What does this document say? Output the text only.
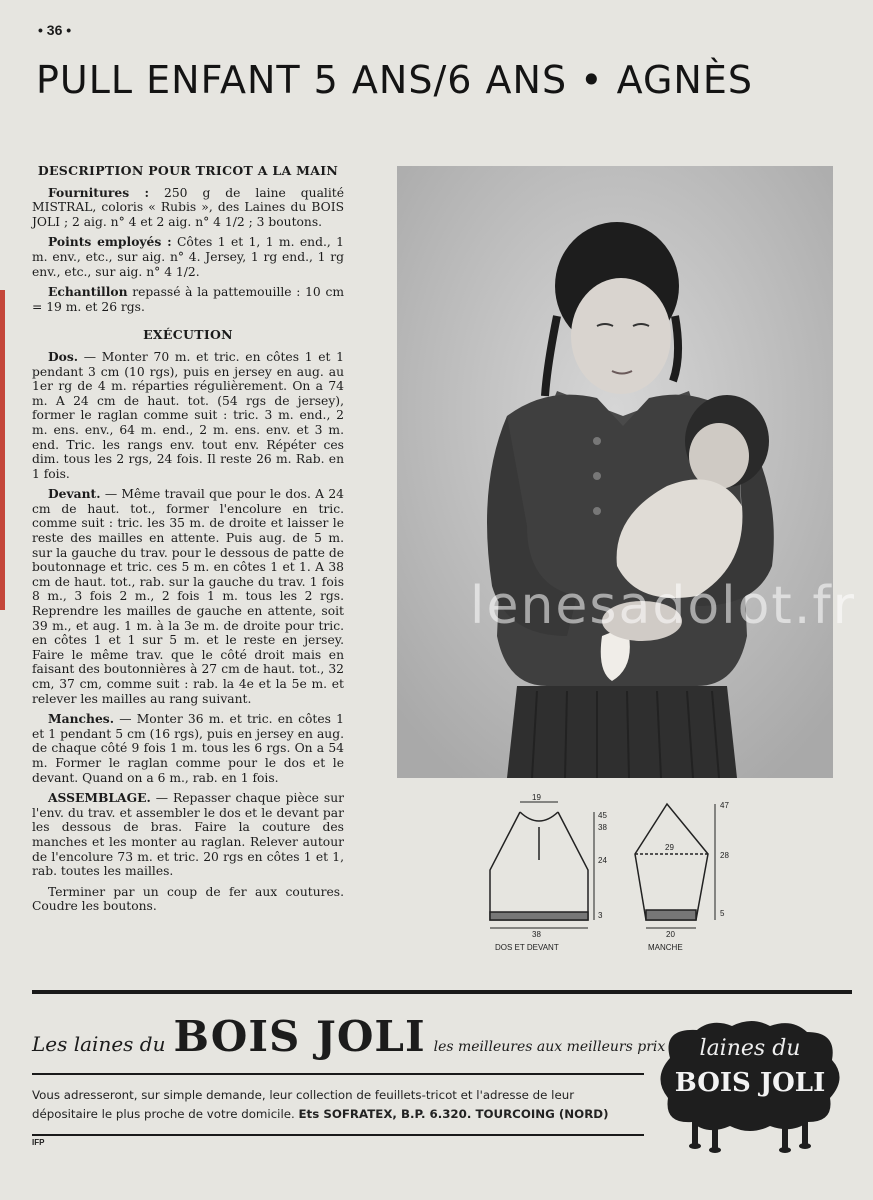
• 36 •
PULL ENFANT 5 ANS/6 ANS • AGNÈS

DESCRIPTION POUR TRICOT A LA MAIN

Fournitures : 250 g de laine qualité MISTRAL, coloris « Rubis », des Laines du BOIS JOLI ; 2 aig. n° 4 et 2 aig. n° 4 1/2 ; 3 boutons.

Points employés : Côtes 1 et 1, 1 m. end., 1 m. env., etc., sur aig. n° 4. Jersey, 1 rg end., 1 rg env., etc., sur aig. n° 4 1/2.

Echantillon repassé à la pattemouille : 10 cm = 19 m. et 26 rgs.

EXÉCUTION

Dos. — Monter 70 m. et tric. en côtes 1 et 1 pendant 3 cm (10 rgs), puis en jersey en aug. au 1er rg de 4 m. réparties régulièrement. On a 74 m. A 24 cm de haut. tot. (54 rgs de jersey), former le raglan comme suit : tric. 3 m. end., 2 m. ens. env., 64 m. end., 2 m. ens. env. et 3 m. end. Tric. les rangs env. tout env. Répéter ces dim. tous les 2 rgs, 24 fois. Il reste 26 m. Rab. en 1 fois.

Devant. — Même travail que pour le dos. A 24 cm de haut. tot., former l'encolure en tric. comme suit : tric. les 35 m. de droite et laisser le reste des mailles en attente. Puis aug. de 5 m. sur la gauche du trav. pour le dessous de patte de boutonnage et tric. ces 5 m. en côtes 1 et 1. A 38 cm de haut. tot., rab. sur la gauche du trav. 1 fois 8 m., 3 fois 2 m., 2 fois 1 m. tous les 2 rgs. Reprendre les mailles de gauche en attente, soit 39 m., et aug. 1 m. à la 3e m. de droite pour tric. en côtes 1 et 1 sur 5 m. et le reste en jersey. Faire le même trav. que le côté droit mais en faisant des boutonnières à 27 cm de haut. tot., 32 cm, 37 cm, comme suit : rab. la 4e et la 5e m. et relever les mailles au rang suivant.

Manches. — Monter 36 m. et tric. en côtes 1 et 1 pendant 5 cm (16 rgs), puis en jersey en aug. de chaque côté 9 fois 1 m. tous les 6 rgs. On a 54 m. Former le raglan comme pour le dos et le devant. Quand on a 6 m., rab. en 1 fois.

ASSEMBLAGE. — Repasser chaque pièce sur l'env. du trav. et assembler le dos et le devant par les dessous de bras. Faire la couture des manches et les monter au raglan. Relever autour de l'encolure 73 m. et tric. 20 rgs en côtes 1 et 1, rab. toutes les mailles.

Terminer par un coup de fer aux coutures. Coudre les boutons.

lenesadolot.fr
19
38
45
38
24
3
DOS ET DEVANT
47
28
5
29
20
MANCHE
Les laines du BOIS JOLI les meilleures aux meilleurs prix
Vous adresseront, sur simple demande, leur collection de feuillets-tricot et l'adresse de leur
dépositaire le plus proche de votre domicile. Ets SOFRATEX, B.P. 6.320. TOURCOING (NORD)
IFP
laines du
BOIS JOLI
